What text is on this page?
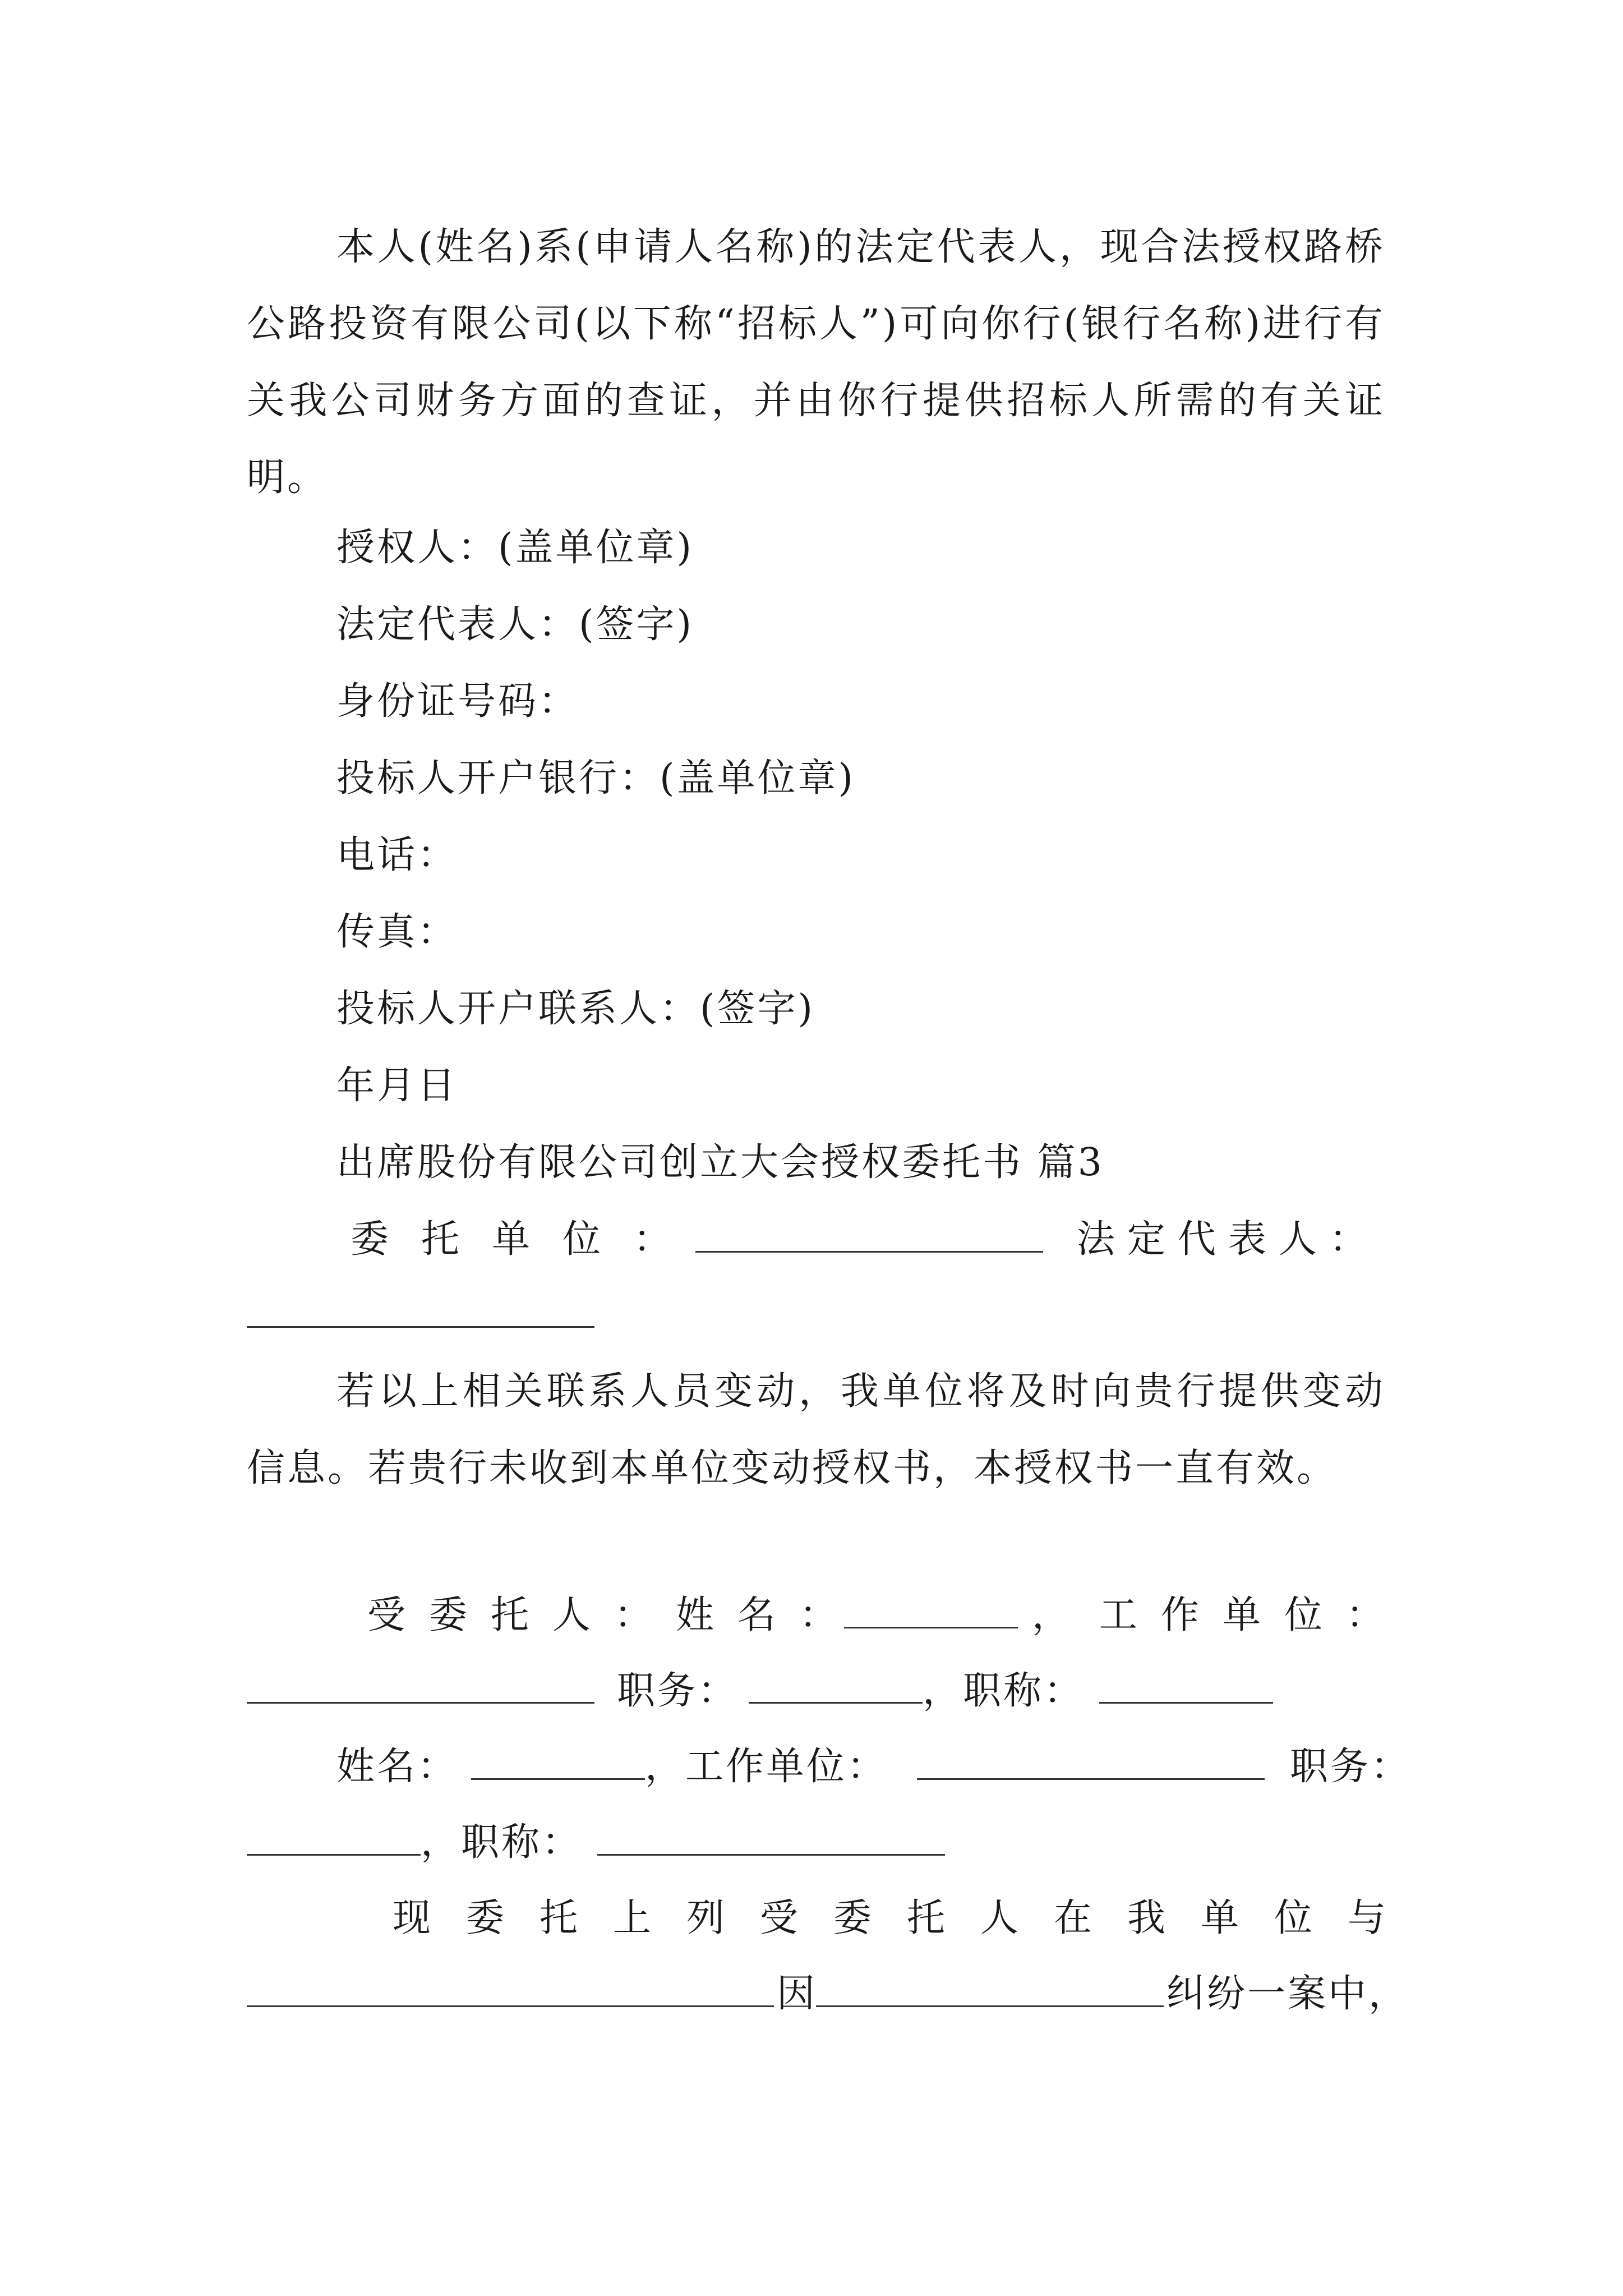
本人(姓名)系(申请人名称)的法定代表人，现合法授权路桥公路投资有限公司(以下称“招标人”)可向你行(银行名称)进行有关我公司财务方面的查证，并由你行提供招标人所需的有关证明。

授权人：(盖单位章)

法定代表人：(签字)

身份证号码：

投标人开户银行：(盖单位章)

电话：

传真：

投标人开户联系人：(签字)

年月日

出席股份有限公司创立大会授权委托书 篇3

委托单位：	法定代表人：

若以上相关联系人员变动，我单位将及时向贵行提供变动信息。若贵行未收到本单位变动授权书，本授权书一直有效。

受委托人：姓名：	， 工作单位：
职务：	，职称：
姓名：	，工作单位：	职务：
，职称：
现委托上列受委托人在我单位与
因	纠纷一案中，
